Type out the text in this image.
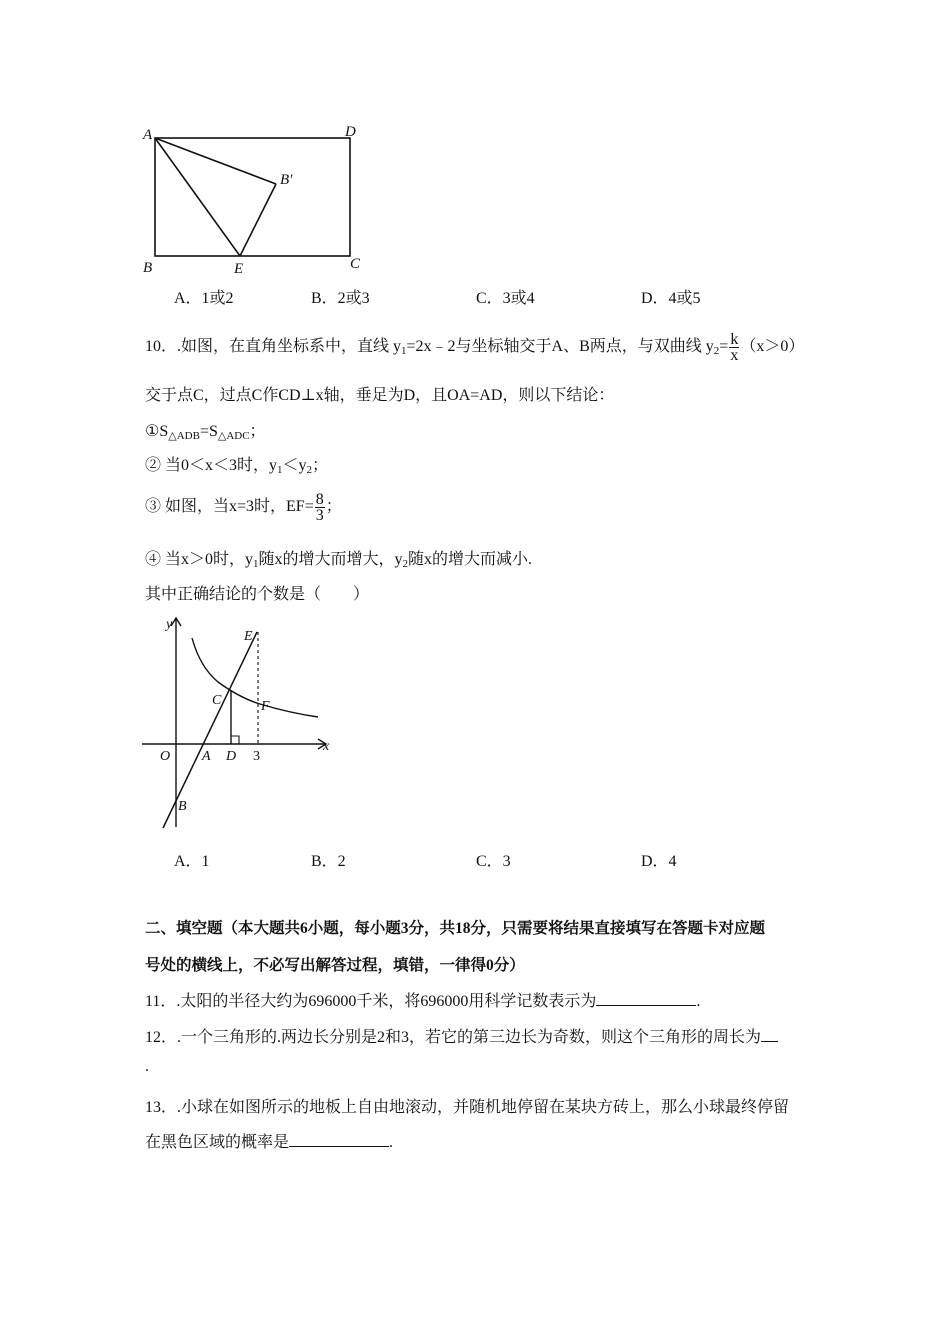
A	D
B′
B	E	C
A．1或2	B．2或3	C．3或4	D．4或5
10．.如图，在直角坐标系中，直线 $y_1=2x﹣2$与坐标轴交于A、B两点，与双曲线 $y_2= \frac{k}{x} (x>0)$
交于点C，过点C作CD⊥x轴，垂足为D，且OA=AD，则以下结论：
$①S_{\triangle ADB}=S_{\triangle ADC}$；
② 当0＜x＜3时，$y_1<y_2$；
③ 如图，当x=3时，$EF= \frac{8}{3}$ ；
④ 当x＞0时，$y_1$随x的增大而增大，$y_2$随x的增大而减小.
其中正确结论的个数是（　　）
y
x
E
C	F
O A D 3
B
A．1	B．2	C．3	D．4
二、填空题（本大题共6小题，每小题3分，共18分，只需要将结果直接填写在答题卡对应题
号处的横线上，不必写出解答过程，填错，一律得0分）
11．.太阳的半径大约为696000千米，将696000用科学记数表示为	.
12．.一个三角形的.两边长分别是2和3，若它的第三边长为奇数，则这个三角形的周长为
.
13．.小球在如图所示的地板上自由地滚动，并随机地停留在某块方砖上，那么小球最终停留
在黑色区域的概率是	.
